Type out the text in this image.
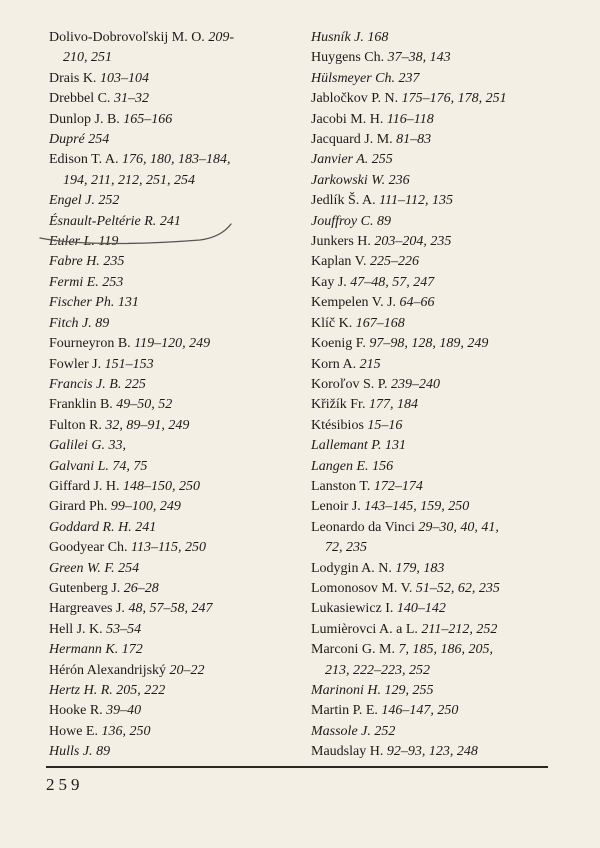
Dolivo-Dobrovoľskij M. O. 209-
210, 251
Drais K. 103–104
Drebbel C. 31–32
Dunlop J. B. 165–166
Dupré 254
Edison T. A. 176, 180, 183–184,
194, 211, 212, 251, 254
Engel J. 252
Ésnault-Peltérie R. 241
Euler L. 119
Fabre H. 235
Fermi E. 253
Fischer Ph. 131
Fitch J. 89
Fourneyron B. 119–120, 249
Fowler J. 151–153
Francis J. B. 225
Franklin B. 49–50, 52
Fulton R. 32, 89–91, 249
Galilei G. 33,
Galvani L. 74, 75
Giffard J. H. 148–150, 250
Girard Ph. 99–100, 249
Goddard R. H. 241
Goodyear Ch. 113–115, 250
Green W. F. 254
Gutenberg J. 26–28
Hargreaves J. 48, 57–58, 247
Hell J. K. 53–54
Hermann K. 172
Hérón Alexandrijský 20–22
Hertz H. R. 205, 222
Hooke R. 39–40
Howe E. 136, 250
Hulls J. 89
Husník J. 168
Huygens Ch. 37–38, 143
Hülsmeyer Ch. 237
Jabločkov P. N. 175–176, 178, 251
Jacobi M. H. 116–118
Jacquard J. M. 81–83
Janvier A. 255
Jarkowski W. 236
Jedlík Š. A. 111–112, 135
Jouffroy C. 89
Junkers H. 203–204, 235
Kaplan V. 225–226
Kay J. 47–48, 57, 247
Kempelen V. J. 64–66
Klíč K. 167–168
Koenig F. 97–98, 128, 189, 249
Korn A. 215
Koroľov S. P. 239–240
Křižík Fr. 177, 184
Ktésibios 15–16
Lallemant P. 131
Langen E. 156
Lanston T. 172–174
Lenoir J. 143–145, 159, 250
Leonardo da Vinci 29–30, 40, 41,
72, 235
Lodygin A. N. 179, 183
Lomonosov M. V. 51–52, 62, 235
Lukasiewicz I. 140–142
Lumièrovci A. a L. 211–212, 252
Marconi G. M. 7, 185, 186, 205,
213, 222–223, 252
Marinoni H. 129, 255
Martin P. E. 146–147, 250
Massole J. 252
Maudslay H. 92–93, 123, 248
259
